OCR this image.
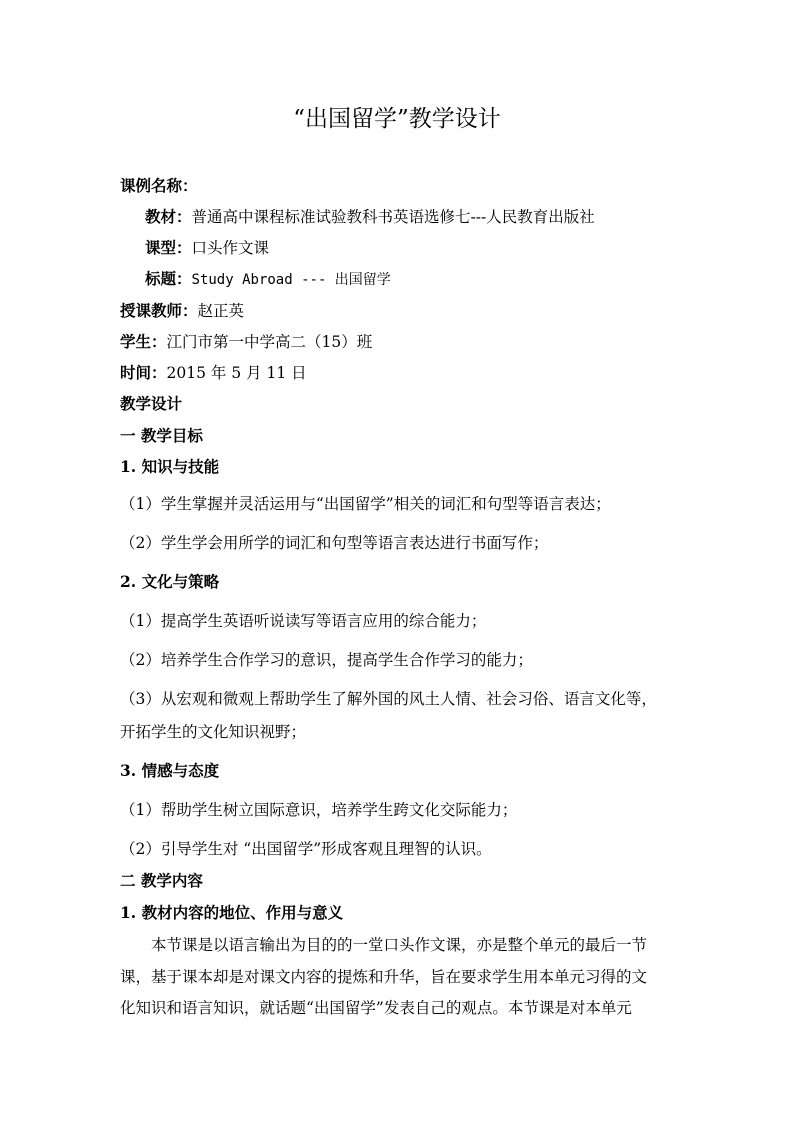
“出国留学”教学设计
课例名称：
教材：普通高中课程标准试验教科书英语选修七---人民教育出版社
课型：口头作文课
标题：Study Abroad --- 出国留学
授课教师：赵正英
学生：江门市第一中学高二（15）班
时间：2015 年 5 月 11 日
教学设计
一 教学目标
1. 知识与技能
（1）学生掌握并灵活运用与“出国留学”相关的词汇和句型等语言表达；
（2）学生学会用所学的词汇和句型等语言表达进行书面写作；
2. 文化与策略
（1）提高学生英语听说读写等语言应用的综合能力；
（2）培养学生合作学习的意识，提高学生合作学习的能力；
（3）从宏观和微观上帮助学生了解外国的风土人情、社会习俗、语言文化等，
开拓学生的文化知识视野；
3. 情感与态度
（1）帮助学生树立国际意识，培养学生跨文化交际能力；
（2）引导学生对 “出国留学”形成客观且理智的认识。
二 教学内容
1. 教材内容的地位、作用与意义
本节课是以语言输出为目的的一堂口头作文课，亦是整个单元的最后一节
课，基于课本却是对课文内容的提炼和升华，旨在要求学生用本单元习得的文
化知识和语言知识，就话题“出国留学”发表自己的观点。本节课是对本单元
